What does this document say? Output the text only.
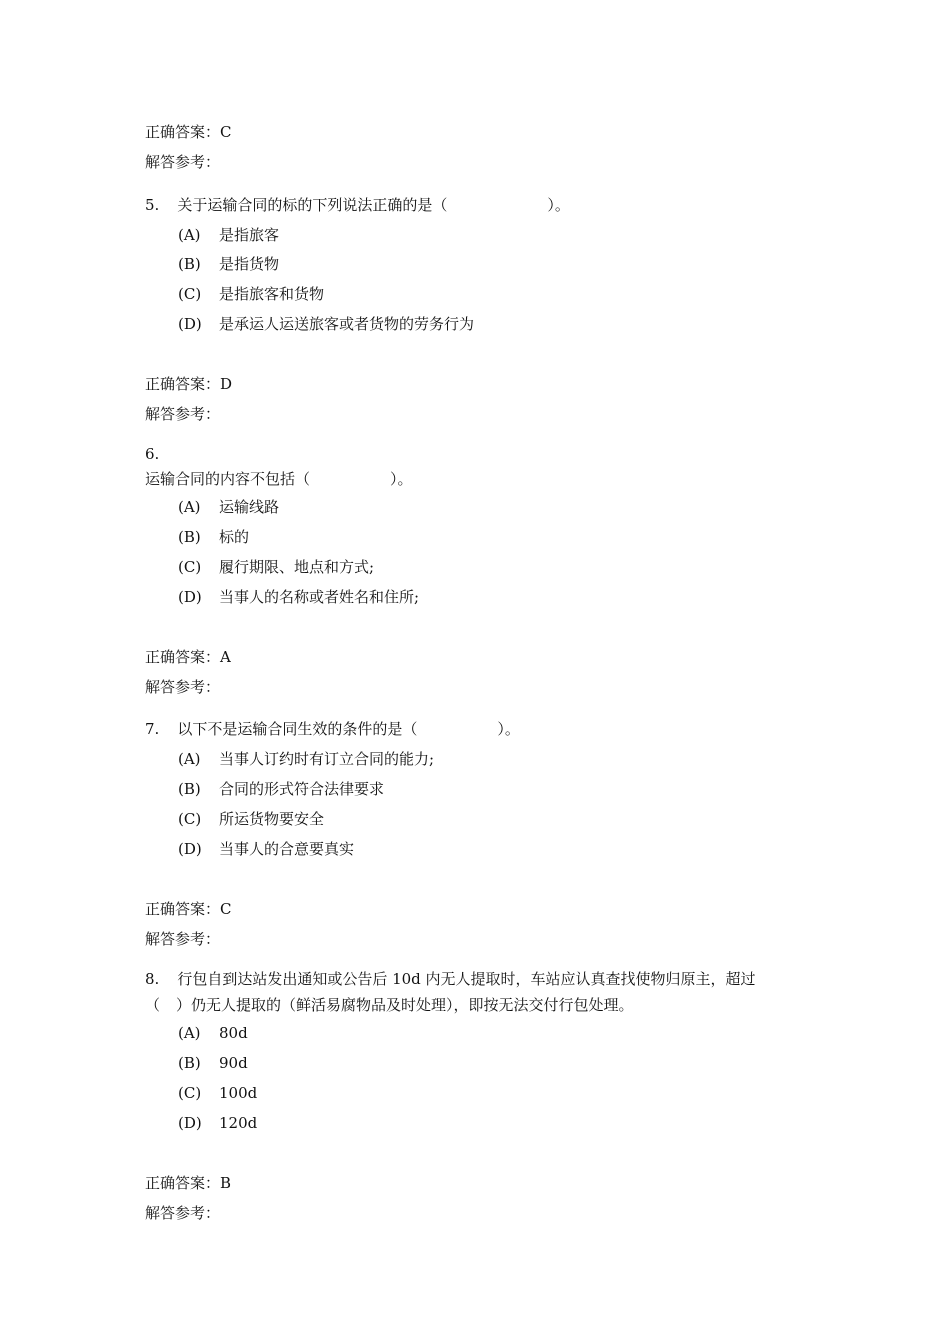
正确答案：C
解答参考：
5. 关于运输合同的标的下列说法正确的是（	）。
(A) 是指旅客
(B) 是指货物
(C) 是指旅客和货物
(D) 是承运人运送旅客或者货物的劳务行为
正确答案：D
解答参考：
6.
运输合同的内容不包括（	）。
(A) 运输线路
(B) 标的
(C) 履行期限、地点和方式;
(D) 当事人的名称或者姓名和住所;
正确答案：A
解答参考：
7. 以下不是运输合同生效的条件的是（	）。
(A) 当事人订约时有订立合同的能力;
(B) 合同的形式符合法律要求
(C) 所运货物要安全
(D) 当事人的合意要真实
正确答案：C
解答参考：
8. 行包自到达站发出通知或公告后 10d 内无人提取时，车站应认真查找使物归原主，超过
（ ）仍无人提取的（鲜活易腐物品及时处理），即按无法交付行包处理。
(A) 80d
(B) 90d
(C) 100d
(D) 120d
正确答案：B
解答参考：
